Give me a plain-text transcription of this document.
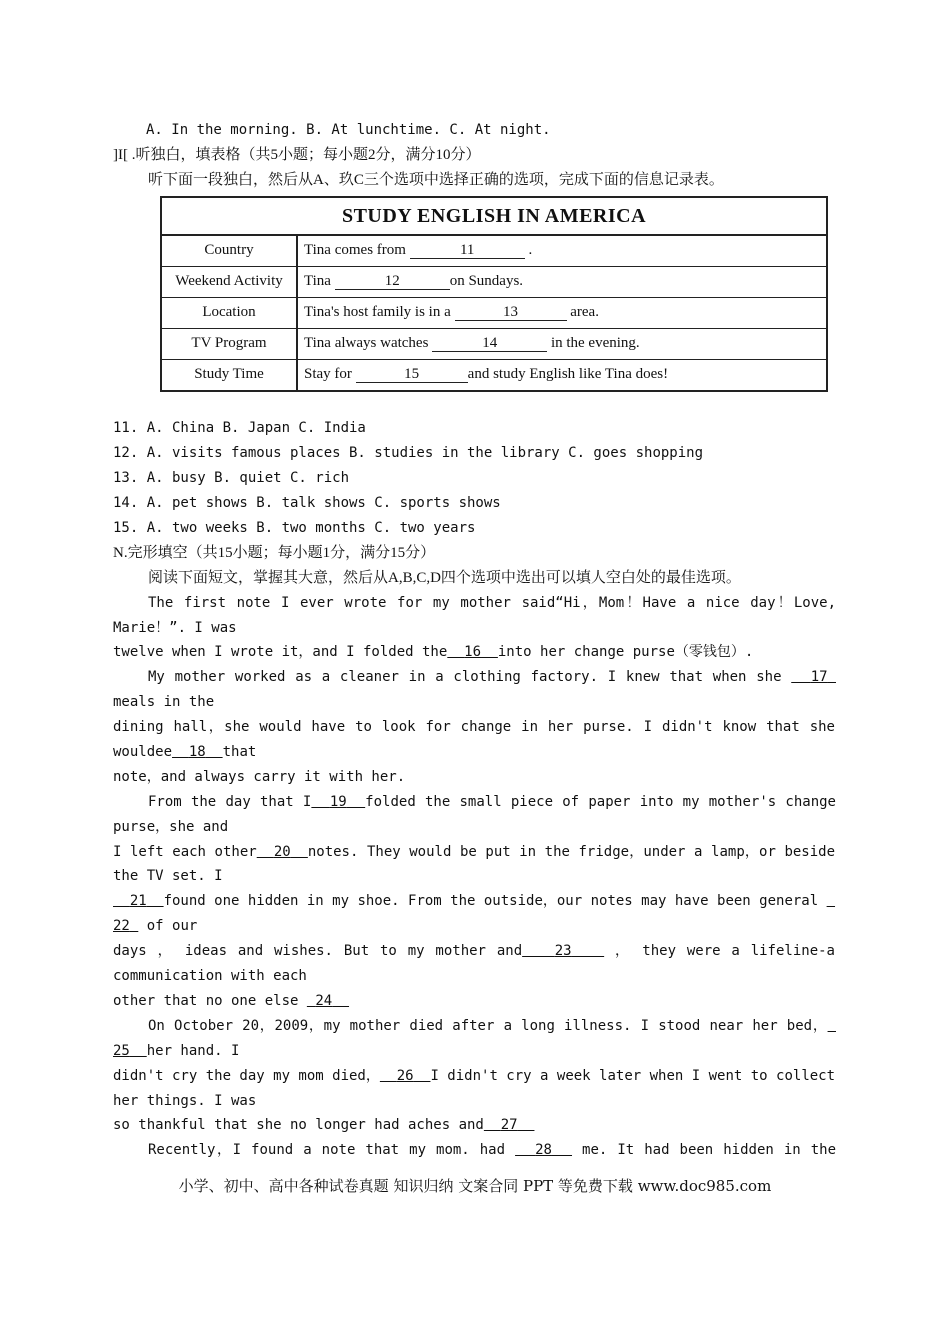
A. In the morning. B. At lunchtime. C. At night.
]I[ .听独白，填表格（共5小题；每小题2分，满分10分）
听下面一段独白，然后从A、玖C三个选项中选择正确的选项，完成下面的信息记录表。
STUDY ENGLISH IN AMERICA	
Country	Tina comes from 11 .
Weekend Activity	Tina 12 on Sundays.
Location	Tina's host family is in a 13 area.
TV Program	Tina always watches 14 in the evening.
Study Time	Stay for 15 and study English like Tina does!
11. A. China B. Japan C. India
12. A. visits famous places B. studies in the library C. goes shopping
13. A. busy B. quiet C. rich
14. A. pet shows B. talk shows C. sports shows
15. A. two weeks B. two months C. two years
N.完形填空（共15小题；每小题1分，满分15分）
阅读下面短文，掌握其大意，然后从A,B,C,D四个选项中选出可以填人空白处的最佳选项。
The first note I ever wrote for my mother said“Hi，Mom！Have a nice day！Love,
Marie！”. I was
twelve when I wrote it，and I folded the 16 into her change purse（零钱包）.
My mother worked as a cleaner in a clothing factory. I knew that when she   17
meals in the
dining hall，she would have to look for change in her purse. I didn't know that she
wouldee 18 that
note，and always carry it with her.
From the day that I 19 folded the small piece of paper into my mother's change
purse，she and
I left each other 20 notes. They would be put in the fridge，under a lamp，or beside
the TV set. I
21 found one hidden in my shoe. From the outside，our notes may have been general
22  of our
days ， ideas and wishes. But to my mother and 23    ， they were a lifeline-a
communication with each
other that no one else  24
On October 20，2009，my mother died after a long illness. I stood near her bed，
25 her hand. I
didn't cry the day my mom died， 26 I didn't cry a week later when I went to collect
her things. I was
so thankful that she no longer had aches and 27
Recently，I found a note that my mom. had   28   me. It had been hidden in the
小学、初中、高中各种试卷真题 知识归纳 文案合同 PPT 等免费下载 www.doc985.com
